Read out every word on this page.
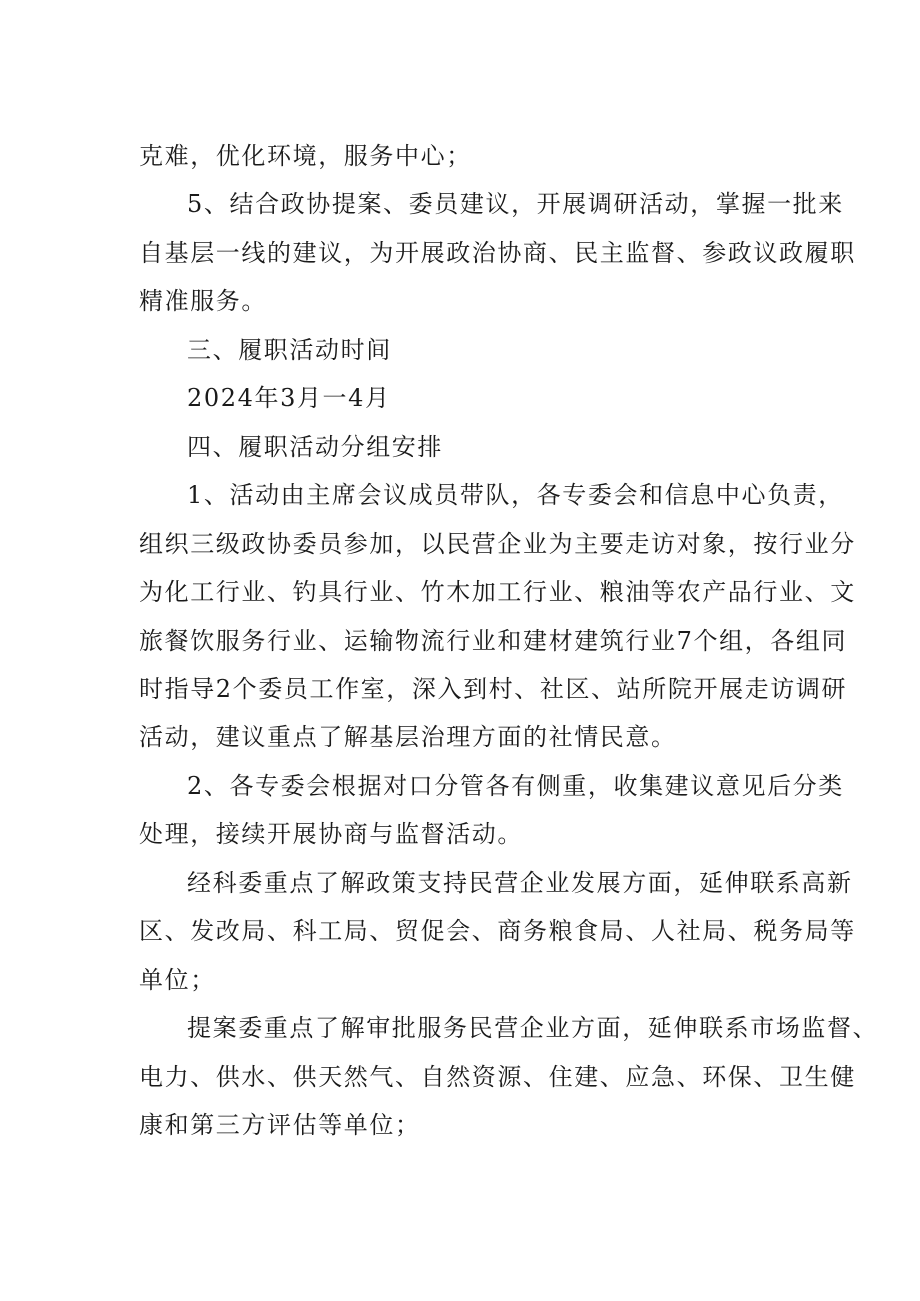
克难，优化环境，服务中心；

5、结合政协提案、委员建议，开展调研活动，掌握一批来

自基层一线的建议，为开展政治协商、民主监督、参政议政履职

精准服务。

三、履职活动时间

2024年3月一4月

四、履职活动分组安排

1、活动由主席会议成员带队，各专委会和信息中心负责，

组织三级政协委员参加，以民营企业为主要走访对象，按行业分

为化工行业、钓具行业、竹木加工行业、粮油等农产品行业、文

旅餐饮服务行业、运输物流行业和建材建筑行业7个组，各组同

时指导2个委员工作室，深入到村、社区、站所院开展走访调研

活动，建议重点了解基层治理方面的社情民意。

2、各专委会根据对口分管各有侧重，收集建议意见后分类

处理，接续开展协商与监督活动。

经科委重点了解政策支持民营企业发展方面，延伸联系高新

区、发改局、科工局、贸促会、商务粮食局、人社局、税务局等

单位；

提案委重点了解审批服务民营企业方面，延伸联系市场监督、

电力、供水、供天然气、自然资源、住建、应急、环保、卫生健

康和第三方评估等单位；
